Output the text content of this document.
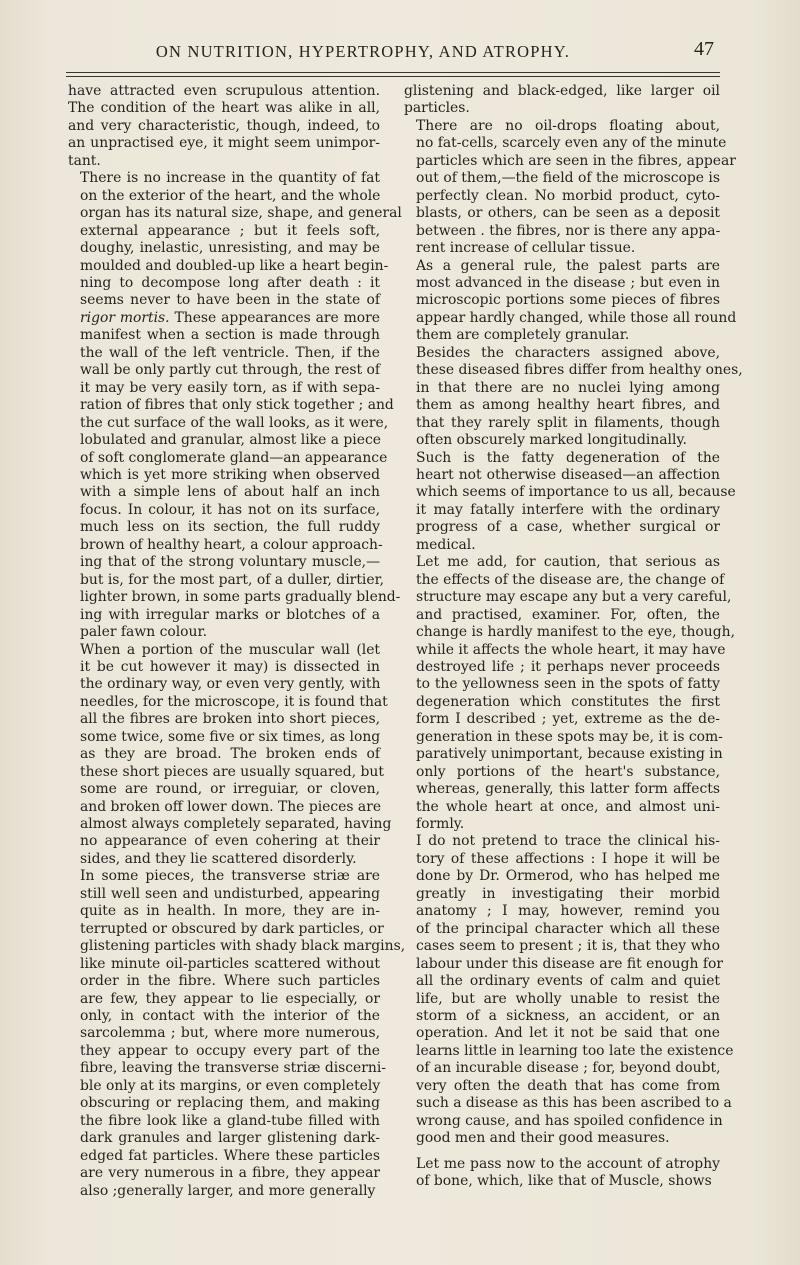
ON NUTRITION, HYPERTROPHY, AND ATROPHY.	47

have attracted even scrupulous attention.
The condition of the heart was alike in all,
and very characteristic, though, indeed, to
an unpractised eye, it might seem unimpor-
tant.

There is no increase in the quantity of fat
on the exterior of the heart, and the whole
organ has its natural size, shape, and general
external appearance ; but it feels soft,
doughy, inelastic, unresisting, and may be
moulded and doubled-up like a heart begin-
ning to decompose long after death : it
seems never to have been in the state of
rigor mortis. These appearances are more
manifest when a section is made through
the wall of the left ventricle. Then, if the
wall be only partly cut through, the rest of
it may be very easily torn, as if with sepa-
ration of fibres that only stick together ; and
the cut surface of the wall looks, as it were,
lobulated and granular, almost like a piece
of soft conglomerate gland—an appearance
which is yet more striking when observed
with a simple lens of about half an inch
focus. In colour, it has not on its surface,
much less on its section, the full ruddy
brown of healthy heart, a colour approach-
ing that of the strong voluntary muscle,—
but is, for the most part, of a duller, dirtier,
lighter brown, in some parts gradually blend-
ing with irregular marks or blotches of a
paler fawn colour.

When a portion of the muscular wall (let
it be cut however it may) is dissected in
the ordinary way, or even very gently, with
needles, for the microscope, it is found that
all the fibres are broken into short pieces,
some twice, some five or six times, as long
as they are broad. The broken ends of
these short pieces are usually squared, but
some are round, or irreguiar, or cloven,
and broken off lower down. The pieces are
almost always completely separated, having
no appearance of even cohering at their
sides, and they lie scattered disorderly.

In some pieces, the transverse striæ are
still well seen and undisturbed, appearing
quite as in health. In more, they are in-
terrupted or obscured by dark particles, or
glistening particles with shady black margins,
like minute oil-particles scattered without
order in the fibre. Where such particles
are few, they appear to lie especially, or
only, in contact with the interior of the
sarcolemma ; but, where more numerous,
they appear to occupy every part of the
fibre, leaving the transverse striæ discerni-
ble only at its margins, or even completely
obscuring or replacing them, and making
the fibre look like a gland-tube filled with
dark granules and larger glistening dark-
edged fat particles. Where these particles
are very numerous in a fibre, they appear
also ;generally larger, and more generally

glistening and black-edged, like larger oil
particles.

There are no oil-drops floating about,
no fat-cells, scarcely even any of the minute
particles which are seen in the fibres, appear
out of them,—the field of the microscope is
perfectly clean. No morbid product, cyto-
blasts, or others, can be seen as a deposit
between . the fibres, nor is there any appa-
rent increase of cellular tissue.

As a general rule, the palest parts are
most advanced in the disease ; but even in
microscopic portions some pieces of fibres
appear hardly changed, while those all round
them are completely granular.

Besides the characters assigned above,
these diseased fibres differ from healthy ones,
in that there are no nuclei lying among
them as among healthy heart fibres, and
that they rarely split in filaments, though
often obscurely marked longitudinally.

Such is the fatty degeneration of the
heart not otherwise diseased—an affection
which seems of importance to us all, because
it may fatally interfere with the ordinary
progress of a case, whether surgical or
medical.

Let me add, for caution, that serious as
the effects of the disease are, the change of
structure may escape any but a very careful,
and practised, examiner. For, often, the
change is hardly manifest to the eye, though,
while it affects the whole heart, it may have
destroyed life ; it perhaps never proceeds
to the yellowness seen in the spots of fatty
degeneration which constitutes the first
form I described ; yet, extreme as the de-
generation in these spots may be, it is com-
paratively unimportant, because existing in
only portions of the heart's substance,
whereas, generally, this latter form affects
the whole heart at once, and almost uni-
formly.

I do not pretend to trace the clinical his-
tory of these affections : I hope it will be
done by Dr. Ormerod, who has helped me
greatly in investigating their morbid
anatomy ; I may, however, remind you
of the principal character which all these
cases seem to present ; it is, that they who
labour under this disease are fit enough for
all the ordinary events of calm and quiet
life, but are wholly unable to resist the
storm of a sickness, an accident, or an
operation. And let it not be said that one
learns little in learning too late the existence
of an incurable disease ; for, beyond doubt,
very often the death that has come from
such a disease as this has been ascribed to a
wrong cause, and has spoiled confidence in
good men and their good measures.

Let me pass now to the account of atrophy
of bone, which, like that of Muscle, shows
